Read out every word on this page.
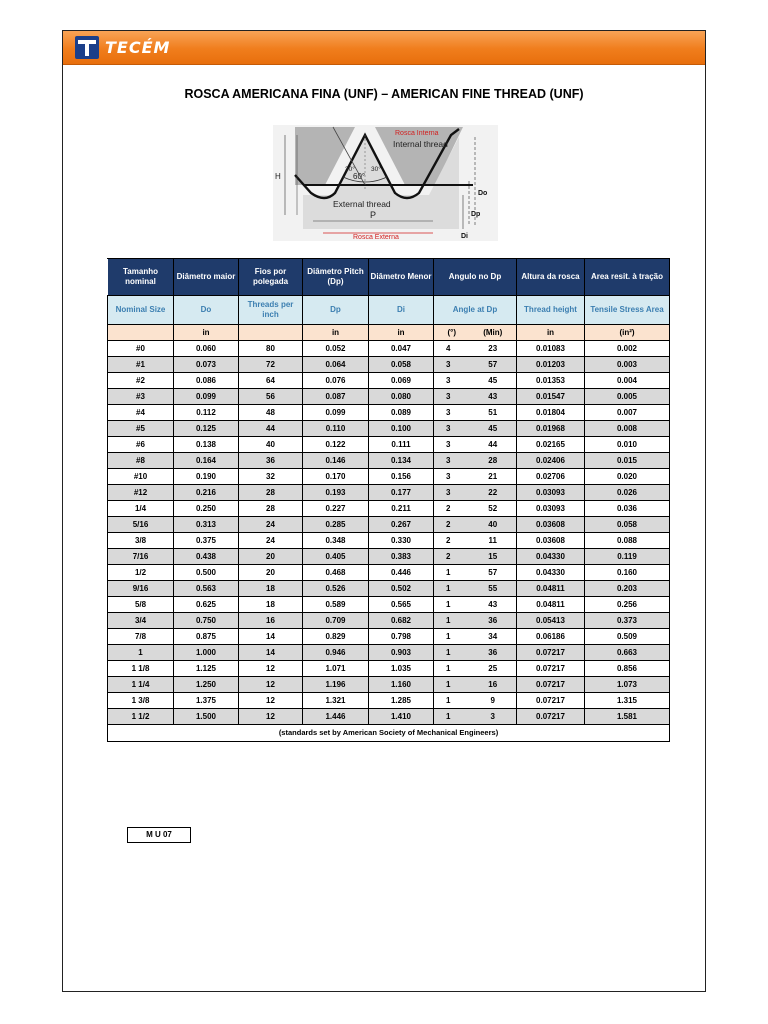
TECÉM
ROSCA AMERICANA FINA (UNF) – AMERICAN FINE THREAD (UNF)
Rosca Interna
Internal thread
60°
30° 30°
External thread
P
Rosca Externa
H
Do
Dp
Di
Tamanho nominal	Diâmetro maior	Fios por polegada	Diâmetro Pitch (Dp)	Diâmetro Menor	Angulo no Dp		Altura da rosca	Area resit. à tração
Nominal Size	Do	Threads per inch	Dp	Di	Angle at Dp		Thread height	Tensile Stress Area
	in		in	in	(°)	(Min)	in	(in²)
#0	0.060	80	0.052	0.047	4	23	0.01083	0.002
#1	0.073	72	0.064	0.058	3	57	0.01203	0.003
#2	0.086	64	0.076	0.069	3	45	0.01353	0.004
#3	0.099	56	0.087	0.080	3	43	0.01547	0.005
#4	0.112	48	0.099	0.089	3	51	0.01804	0.007
#5	0.125	44	0.110	0.100	3	45	0.01968	0.008
#6	0.138	40	0.122	0.111	3	44	0.02165	0.010
#8	0.164	36	0.146	0.134	3	28	0.02406	0.015
#10	0.190	32	0.170	0.156	3	21	0.02706	0.020
#12	0.216	28	0.193	0.177	3	22	0.03093	0.026
1/4	0.250	28	0.227	0.211	2	52	0.03093	0.036
5/16	0.313	24	0.285	0.267	2	40	0.03608	0.058
3/8	0.375	24	0.348	0.330	2	11	0.03608	0.088
7/16	0.438	20	0.405	0.383	2	15	0.04330	0.119
1/2	0.500	20	0.468	0.446	1	57	0.04330	0.160
9/16	0.563	18	0.526	0.502	1	55	0.04811	0.203
5/8	0.625	18	0.589	0.565	1	43	0.04811	0.256
3/4	0.750	16	0.709	0.682	1	36	0.05413	0.373
7/8	0.875	14	0.829	0.798	1	34	0.06186	0.509
1	1.000	14	0.946	0.903	1	36	0.07217	0.663
1 1/8	1.125	12	1.071	1.035	1	25	0.07217	0.856
1 1/4	1.250	12	1.196	1.160	1	16	0.07217	1.073
1 3/8	1.375	12	1.321	1.285	1	9	0.07217	1.315
1 1/2	1.500	12	1.446	1.410	1	3	0.07217	1.581
(standards set by American Society of Mechanical Engineers)								
M U 07
